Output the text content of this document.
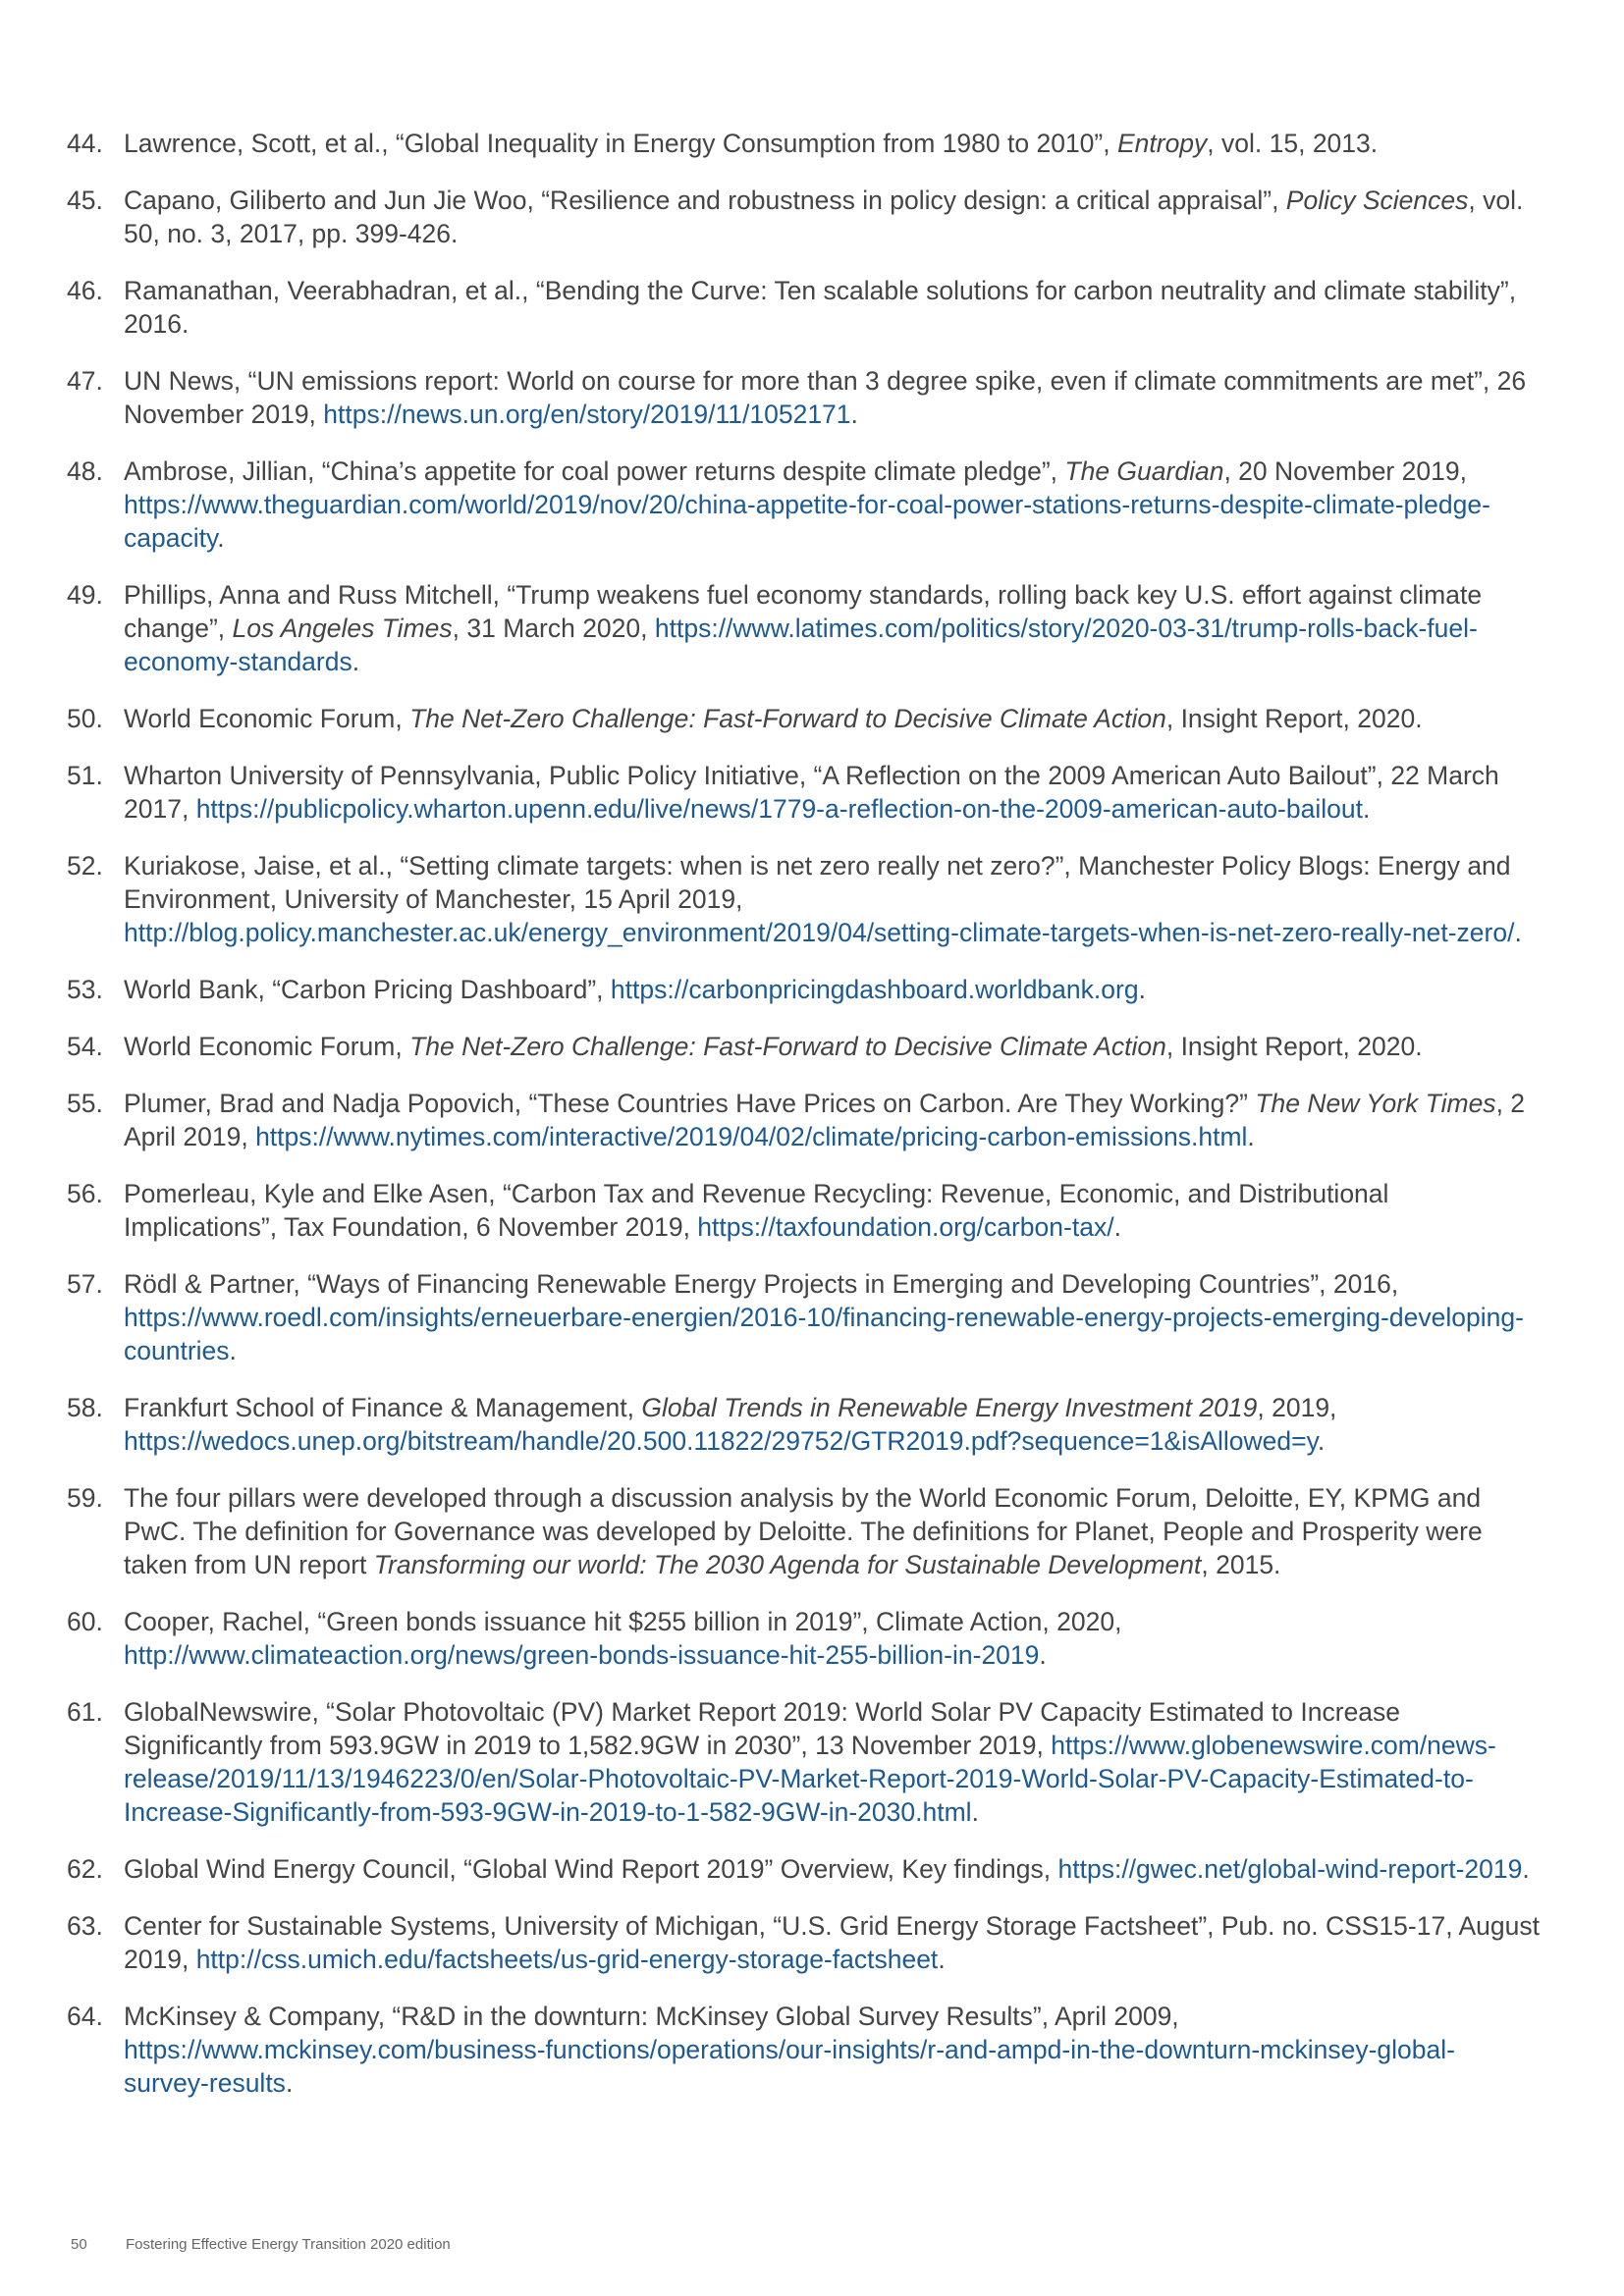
44. Lawrence, Scott, et al., “Global Inequality in Energy Consumption from 1980 to 2010”, Entropy, vol. 15, 2013.
45. Capano, Giliberto and Jun Jie Woo, “Resilience and robustness in policy design: a critical appraisal”, Policy Sciences, vol. 50, no. 3, 2017, pp. 399-426.
46. Ramanathan, Veerabhadran, et al., “Bending the Curve: Ten scalable solutions for carbon neutrality and climate stability”, 2016.
47. UN News, “UN emissions report: World on course for more than 3 degree spike, even if climate commitments are met”, 26 November 2019, https://news.un.org/en/story/2019/11/1052171.
48. Ambrose, Jillian, “China’s appetite for coal power returns despite climate pledge”, The Guardian, 20 November 2019, https://www.theguardian.com/world/2019/nov/20/china-appetite-for-coal-power-stations-returns-despite-climate-pledge-capacity.
49. Phillips, Anna and Russ Mitchell, “Trump weakens fuel economy standards, rolling back key U.S. effort against climate change”, Los Angeles Times, 31 March 2020, https://www.latimes.com/politics/story/2020-03-31/trump-rolls-back-fuel-economy-standards.
50. World Economic Forum, The Net-Zero Challenge: Fast-Forward to Decisive Climate Action, Insight Report, 2020.
51. Wharton University of Pennsylvania, Public Policy Initiative, “A Reflection on the 2009 American Auto Bailout”, 22 March 2017, https://publicpolicy.wharton.upenn.edu/live/news/1779-a-reflection-on-the-2009-american-auto-bailout.
52. Kuriakose, Jaise, et al., “Setting climate targets: when is net zero really net zero?”, Manchester Policy Blogs: Energy and Environment, University of Manchester, 15 April 2019, http://blog.policy.manchester.ac.uk/energy_environment/2019/04/setting-climate-targets-when-is-net-zero-really-net-zero/.
53. World Bank, “Carbon Pricing Dashboard”, https://carbonpricingdashboard.worldbank.org.
54. World Economic Forum, The Net-Zero Challenge: Fast-Forward to Decisive Climate Action, Insight Report, 2020.
55. Plumer, Brad and Nadja Popovich, “These Countries Have Prices on Carbon. Are They Working?” The New York Times, 2 April 2019, https://www.nytimes.com/interactive/2019/04/02/climate/pricing-carbon-emissions.html.
56. Pomerleau, Kyle and Elke Asen, “Carbon Tax and Revenue Recycling: Revenue, Economic, and Distributional Implications”, Tax Foundation, 6 November 2019, https://taxfoundation.org/carbon-tax/.
57. Rödl & Partner, “Ways of Financing Renewable Energy Projects in Emerging and Developing Countries”, 2016, https://www.roedl.com/insights/erneuerbare-energien/2016-10/financing-renewable-energy-projects-emerging-developing-countries.
58. Frankfurt School of Finance & Management, Global Trends in Renewable Energy Investment 2019, 2019, https://wedocs.unep.org/bitstream/handle/20.500.11822/29752/GTR2019.pdf?sequence=1&isAllowed=y.
59. The four pillars were developed through a discussion analysis by the World Economic Forum, Deloitte, EY, KPMG and PwC. The definition for Governance was developed by Deloitte. The definitions for Planet, People and Prosperity were taken from UN report Transforming our world: The 2030 Agenda for Sustainable Development, 2015.
60. Cooper, Rachel, “Green bonds issuance hit $255 billion in 2019”, Climate Action, 2020, http://www.climateaction.org/news/green-bonds-issuance-hit-255-billion-in-2019.
61. GlobalNewswire, “Solar Photovoltaic (PV) Market Report 2019: World Solar PV Capacity Estimated to Increase Significantly from 593.9GW in 2019 to 1,582.9GW in 2030”, 13 November 2019, https://www.globenewswire.com/news-release/2019/11/13/1946223/0/en/Solar-Photovoltaic-PV-Market-Report-2019-World-Solar-PV-Capacity-Estimated-to-Increase-Significantly-from-593-9GW-in-2019-to-1-582-9GW-in-2030.html.
62. Global Wind Energy Council, “Global Wind Report 2019” Overview, Key findings, https://gwec.net/global-wind-report-2019.
63. Center for Sustainable Systems, University of Michigan, “U.S. Grid Energy Storage Factsheet”, Pub. no. CSS15-17, August 2019, http://css.umich.edu/factsheets/us-grid-energy-storage-factsheet.
64. McKinsey & Company, “R&D in the downturn: McKinsey Global Survey Results”, April 2009, https://www.mckinsey.com/business-functions/operations/our-insights/r-and-ampd-in-the-downturn-mckinsey-global-survey-results.
50	Fostering Effective Energy Transition 2020 edition
